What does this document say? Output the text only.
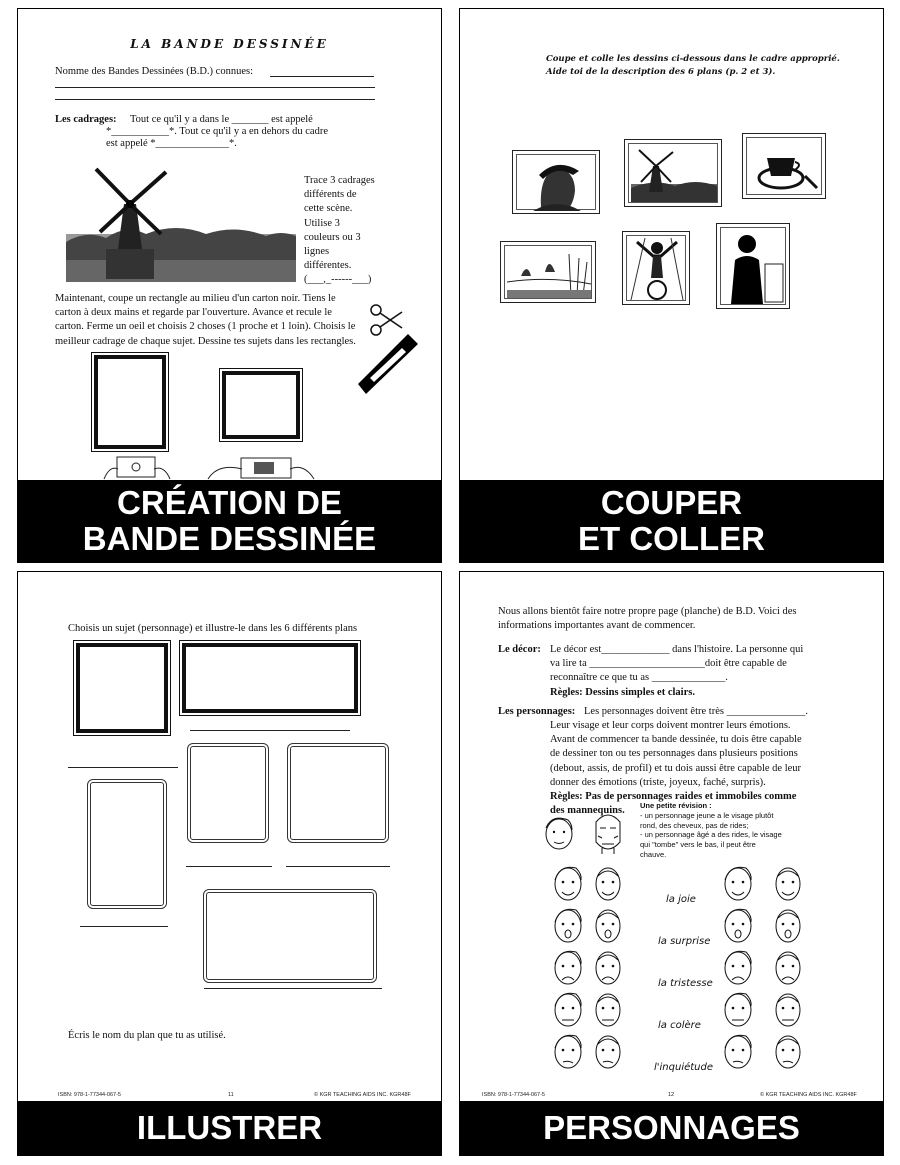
LA BANDE DESSINÉE
Nomme des Bandes Dessinées (B.D.) connues:
Les cadrages: Tout ce qu'il y a dans le _______ est appelé
*___________*. Tout ce qu'il y a en dehors du cadre
est appelé *______________*.
Trace 3 cadrages
différents de
cette scène.
Utilise 3
couleurs ou 3
lignes
différentes.
(___,_------___)
Maintenant, coupe un rectangle au milieu d'un carton noir. Tiens le
carton à deux mains et regarde par l'ouverture. Avance et recule le
carton. Ferme un oeil et choisis 2 choses (1 proche et 1 loin). Choisis le
meilleur cadrage de chaque sujet. Dessine tes sujets dans les rectangles.
CRÉATION DE
BANDE DESSINÉE
Coupe et colle les dessins ci-dessous dans le cadre approprié.
Aide toi de la description des 6 plans (p. 2 et 3).
COUPER
ET COLLER
Choisis un sujet (personnage) et illustre-le dans les 6 différents plans
Écris le nom du plan que tu as utilisé.
ISBN: 978-1-77344-067-5	11	© KGR TEACHING AIDS INC. KGR48F
ILLUSTRER
Nous allons bientôt faire notre propre page (planche) de B.D. Voici des
informations importantes avant de commencer.
Le décor: Le décor est_____________ dans l'histoire. La personne qui
va lire ta ______________________doit être capable de
reconnaître ce que tu as ______________.
Règles: Dessins simples et clairs.
Les personnages: Les personnages doivent être très _______________.
Leur visage et leur corps doivent montrer leurs émotions.
Avant de commencer ta bande dessinée, tu dois être capable
de dessiner ton ou tes personnages dans plusieurs positions
(debout, assis, de profil) et tu dois aussi être capable de leur
donner des émotions (triste, joyeux, faché, surpris).
Règles: Pas de personnages raides et immobiles comme
des mannequins.	Une petite révision :
- un personnage jeune a le visage plutôt
rond, des cheveux, pas de rides;
- un personnage âgé a des rides, le visage
qui "tombe" vers le bas, il peut être
chauve.
la joie
la surprise
la tristesse
la colère
l'inquiétude
ISBN: 978-1-77344-067-5	12	© KGR TEACHING AIDS INC. KGR48F
PERSONNAGES
